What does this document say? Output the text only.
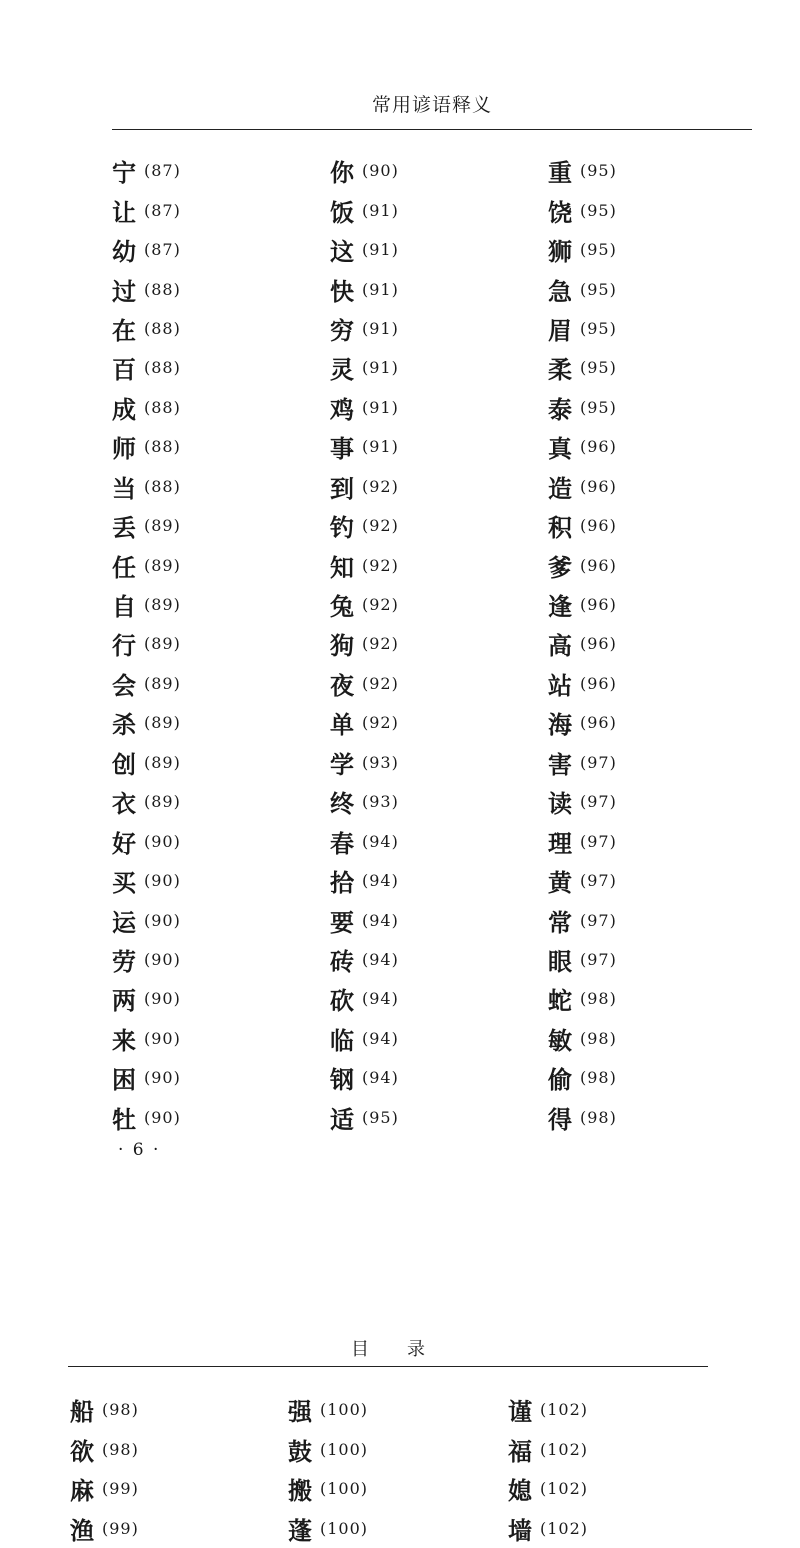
常用谚语释义
宁 (87)
让 (87)
幼 (87)
过 (88)
在 (88)
百 (88)
成 (88)
师 (88)
当 (88)
丢 (89)
任 (89)
自 (89)
行 (89)
会 (89)
杀 (89)
创 (89)
衣 (89)
好 (90)
买 (90)
运 (90)
劳 (90)
两 (90)
来 (90)
困 (90)
牡 (90)
你 (90)
饭 (91)
这 (91)
快 (91)
穷 (91)
灵 (91)
鸡 (91)
事 (91)
到 (92)
钓 (92)
知 (92)
兔 (92)
狗 (92)
夜 (92)
单 (92)
学 (93)
终 (93)
春 (94)
拾 (94)
要 (94)
砖 (94)
砍 (94)
临 (94)
钢 (94)
适 (95)
重 (95)
饶 (95)
狮 (95)
急 (95)
眉 (95)
柔 (95)
泰 (95)
真 (96)
造 (96)
积 (96)
爹 (96)
逢 (96)
高 (96)
站 (96)
海 (96)
害 (97)
读 (97)
理 (97)
黄 (97)
常 (97)
眼 (97)
蛇 (98)
敏 (98)
偷 (98)
得 (98)
· 6 ·
目 录
船 (98)
欲 (98)
麻 (99)
渔 (99)
强 (100)
鼓 (100)
搬 (100)
蓬 (100)
谨 (102)
福 (102)
媳 (102)
墙 (102)
